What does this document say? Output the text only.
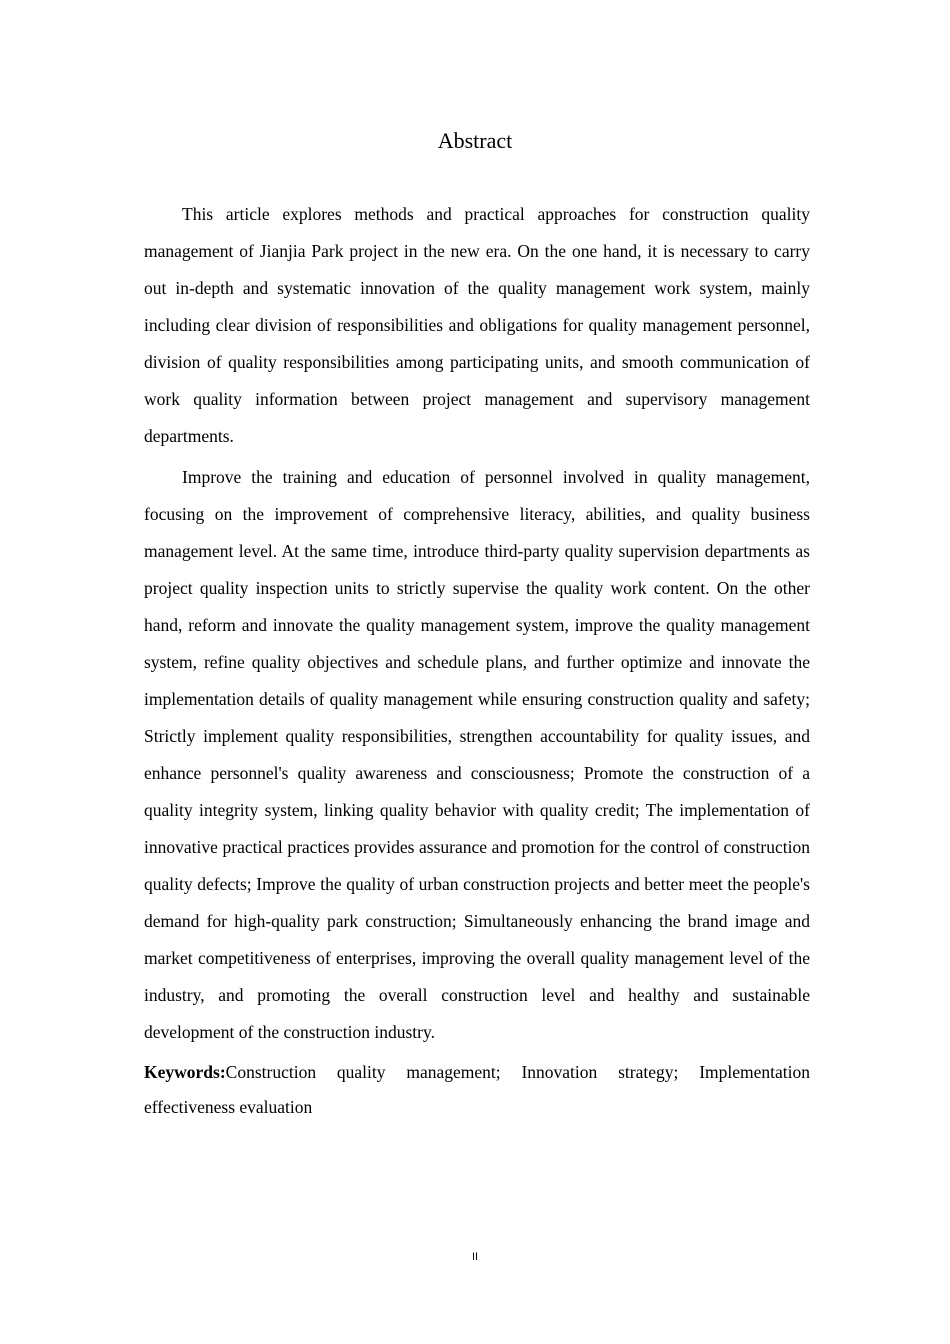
Abstract

This article explores methods and practical approaches for construction quality management of Jianjia Park project in the new era. On the one hand, it is necessary to carry out in-depth and systematic innovation of the quality management work system, mainly including clear division of responsibilities and obligations for quality management personnel, division of quality responsibilities among participating units, and smooth communication of work quality information between project management and supervisory management departments.

Improve the training and education of personnel involved in quality management, focusing on the improvement of comprehensive literacy, abilities, and quality business management level. At the same time, introduce third-party quality supervision departments as project quality inspection units to strictly supervise the quality work content. On the other hand, reform and innovate the quality management system, improve the quality management system, refine quality objectives and schedule plans, and further optimize and innovate the implementation details of quality management while ensuring construction quality and safety; Strictly implement quality responsibilities, strengthen accountability for quality issues, and enhance personnel's quality awareness and consciousness; Promote the construction of a quality integrity system, linking quality behavior with quality credit; The implementation of innovative practical practices provides assurance and promotion for the control of construction quality defects; Improve the quality of urban construction projects and better meet the people's demand for high-quality park construction; Simultaneously enhancing the brand image and market competitiveness of enterprises, improving the overall quality management level of the industry, and promoting the overall construction level and healthy and sustainable development of the construction industry.

Keywords:Construction quality management; Innovation strategy; Implementation effectiveness evaluation

II
